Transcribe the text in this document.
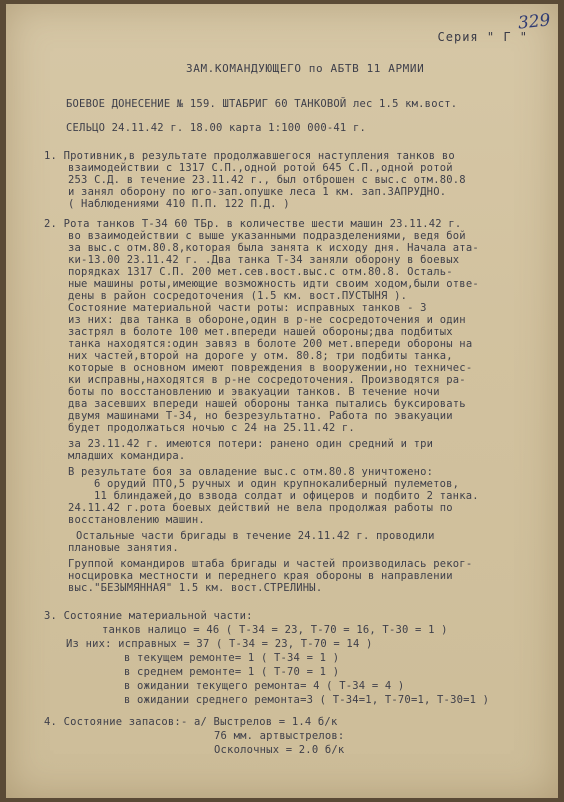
329
Серия " Г "
ЗАМ.КОМАНДУЮЩЕГО по АБТВ 11 АРМИИ
БОЕВОЕ ДОНЕСЕНИЕ № 159. ШТАБРИГ 60 ТАНКОВОЙ лес 1.5 км.вост.
СЕЛЬЦО 24.11.42 г. 18.00 карта 1:100 000-41 г.
1. Противник,в результате продолжавшегося наступления танков во
взаимодействии с 1317 С.П.,одной ротой 645 С.П.,одной ротой
253 С.Д. в течение 23.11.42 г., был отброшен с выс.с отм.80.8
и занял оборону по юго-зап.опушке леса 1 км. зап.ЗАПРУДНО.
( Наблюдениями 410 П.П. 122 П.Д. )
2. Рота танков Т-34 60 ТБр. в количестве шести машин 23.11.42 г.
во взаимодействии с выше указанными подразделениями, ведя бой
за выс.с отм.80.8,которая была занята к исходу дня. Начала ата-
ки-13.00 23.11.42 г. .Два танка Т-34 заняли оборону в боевых
порядках 1317 С.П. 200 мет.сев.вост.выс.с отм.80.8. Осталь-
ные машины роты,имеющие возможность идти своим ходом,были отве-
дены в район сосредоточения (1.5 км. вост.ПУСТЫНЯ ).
Состояние материальной части роты: исправных танков - 3
из них: два танка в обороне,один в р-не сосредоточения и один
застрял в болоте 100 мет.впереди нашей обороны;два подбитых
танка находятся:один завяз в болоте 200 мет.впереди обороны на
них частей,второй на дороге у отм. 80.8; три подбиты танка,
которые в основном имеют повреждения в вооружении,но техничес-
ки исправны,находятся в р-не сосредоточения. Производятся ра-
боты по восстановлению и эвакуации танков. В течение ночи
два засевших впереди нашей обороны танка пытались буксировать
двумя машинами Т-34, но безрезультатно. Работа по эвакуации
будет продолжаться ночью с 24 на 25.11.42 г.
за 23.11.42 г. имеются потери: ранено один средний и три
младших командира.
В результате боя за овладение выс.с отм.80.8 уничтожено:
6 орудий ПТО,5 ручных и один крупнокалиберный пулеметов,
11 блиндажей,до взвода солдат и офицеров и подбито 2 танка.
24.11.42 г.рота боевых действий не вела продолжая работы по
восстановлению машин.
Остальные части бригады в течение 24.11.42 г. проводили
плановые занятия.
Группой командиров штаба бригады и частей производилась реког-
носцировка местности и переднего края обороны в направлении
выс."БЕЗЫМЯННАЯ" 1.5 км. вост.СТРЕЛИНЫ.
3. Состояние материальной части:
танков налицо = 46 ( Т-34 = 23, Т-70 = 16, Т-30 = 1 )
Из них: исправных = 37 ( Т-34 = 23, Т-70 = 14 )
в текущем ремонте= 1 ( Т-34 = 1 )
в среднем ремонте= 1 ( Т-70 = 1 )
в ожидании текущего ремонта= 4 ( Т-34 = 4 )
в ожидании среднего ремонта=3 ( Т-34=1, Т-70=1, Т-30=1 )
4. Состояние запасов:- а/ Выстрелов = 1.4 б/к
76 мм. артвыстрелов:
Осколочных = 2.0 б/к
